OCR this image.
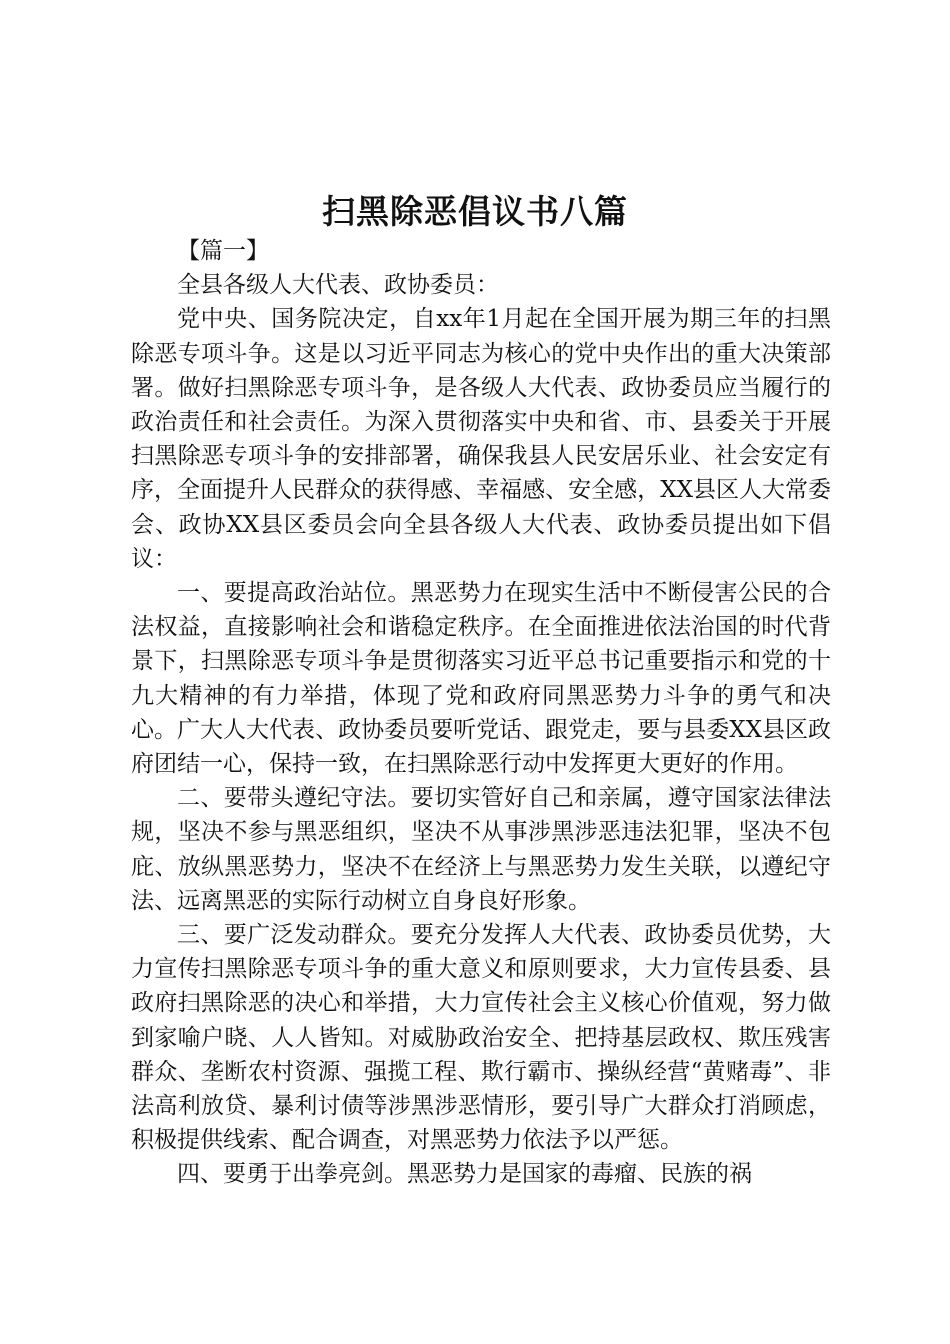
扫黑除恶倡议书八篇

【篇一】

全县各级人大代表、政协委员：

党中央、国务院决定，自xx年1月起在全国开展为期三年的扫黑除恶专项斗争。这是以习近平同志为核心的党中央作出的重大决策部署。做好扫黑除恶专项斗争，是各级人大代表、政协委员应当履行的政治责任和社会责任。为深入贯彻落实中央和省、市、县委关于开展扫黑除恶专项斗争的安排部署，确保我县人民安居乐业、社会安定有序，全面提升人民群众的获得感、幸福感、安全感，XX县区人大常委会、政协XX县区委员会向全县各级人大代表、政协委员提出如下倡议：

一、要提高政治站位。黑恶势力在现实生活中不断侵害公民的合法权益，直接影响社会和谐稳定秩序。在全面推进依法治国的时代背景下，扫黑除恶专项斗争是贯彻落实习近平总书记重要指示和党的十九大精神的有力举措，体现了党和政府同黑恶势力斗争的勇气和决心。广大人大代表、政协委员要听党话、跟党走，要与县委XX县区政府团结一心，保持一致，在扫黑除恶行动中发挥更大更好的作用。

二、要带头遵纪守法。要切实管好自己和亲属，遵守国家法律法规，坚决不参与黑恶组织，坚决不从事涉黑涉恶违法犯罪，坚决不包庇、放纵黑恶势力，坚决不在经济上与黑恶势力发生关联，以遵纪守法、远离黑恶的实际行动树立自身良好形象。

三、要广泛发动群众。要充分发挥人大代表、政协委员优势，大力宣传扫黑除恶专项斗争的重大意义和原则要求，大力宣传县委、县政府扫黑除恶的决心和举措，大力宣传社会主义核心价值观，努力做到家喻户晓、人人皆知。对威胁政治安全、把持基层政权、欺压残害群众、垄断农村资源、强揽工程、欺行霸市、操纵经营“黄赌毒”、非法高利放贷、暴利讨债等涉黑涉恶情形，要引导广大群众打消顾虑，积极提供线索、配合调查，对黑恶势力依法予以严惩。

四、要勇于出拳亮剑。黑恶势力是国家的毒瘤、民族的祸
